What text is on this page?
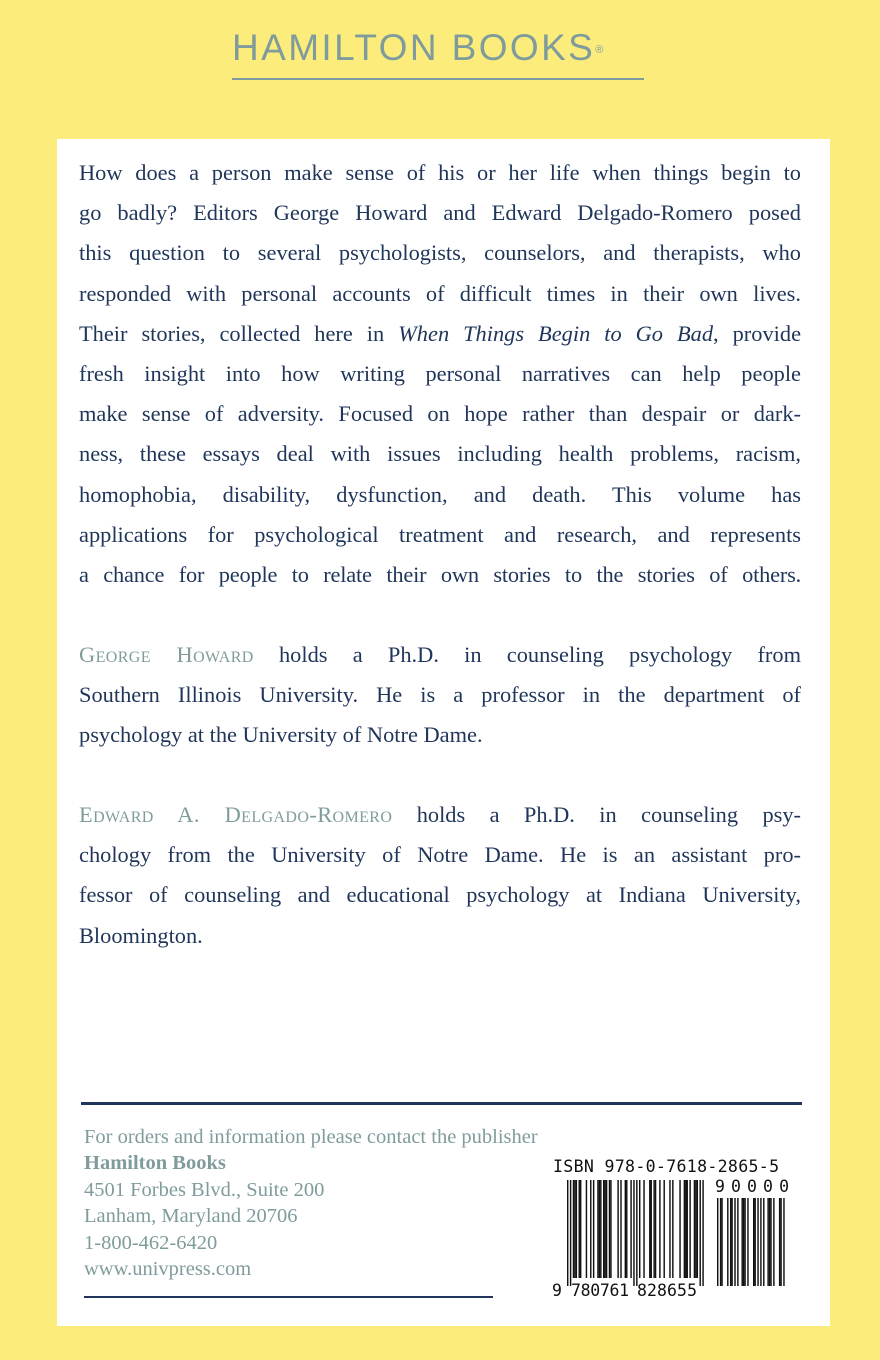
HAMILTON BOOKS®
How does a person make sense of his or her life when things begin to
go badly? Editors George Howard and Edward Delgado-Romero posed
this question to several psychologists, counselors, and therapists, who
responded with personal accounts of difficult times in their own lives.
Their stories, collected here in When Things Begin to Go Bad, provide
fresh insight into how writing personal narratives can help people
make sense of adversity. Focused on hope rather than despair or dark-
ness, these essays deal with issues including health problems, racism,
homophobia, disability, dysfunction, and death. This volume has
applications for psychological treatment and research, and represents
a chance for people to relate their own stories to the stories of others.
George Howard holds a Ph.D. in counseling psychology from
Southern Illinois University. He is a professor in the department of
psychology at the University of Notre Dame.
Edward A. Delgado-Romero holds a Ph.D. in counseling psy-
chology from the University of Notre Dame. He is an assistant pro-
fessor of counseling and educational psychology at Indiana University,
Bloomington.
For orders and information please contact the publisher
Hamilton Books
4501 Forbes Blvd., Suite 200
Lanham, Maryland 20706
1-800-462-6420
www.univpress.com
ISBN 978-0-7618-2865-5
9 780761 828655
90000
